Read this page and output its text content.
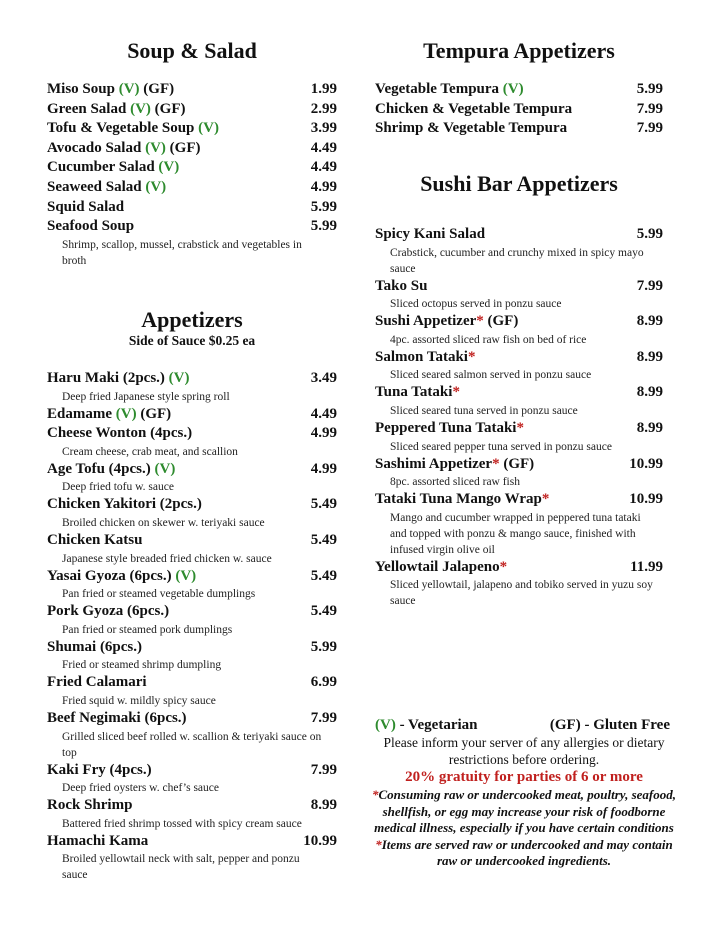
Soup & Salad
Miso Soup (V) (GF)	1.99
Green Salad (V) (GF)	2.99
Tofu & Vegetable Soup (V)	3.99
Avocado Salad (V) (GF)	4.49
Cucumber Salad (V)	4.49
Seaweed Salad (V)	4.99
Squid Salad	5.99
Seafood Soup	5.99
Shrimp, scallop, mussel, crabstick and vegetables in broth
Appetizers
Side of Sauce $0.25 ea
Haru Maki (2pcs.) (V)	3.49
Deep fried Japanese style spring roll
Edamame (V) (GF)	4.49
Cheese Wonton (4pcs.)	4.99
Cream cheese, crab meat, and scallion
Age Tofu (4pcs.) (V)	4.99
Deep fried tofu w. sauce
Chicken Yakitori (2pcs.)	5.49
Broiled chicken on skewer w. teriyaki sauce
Chicken Katsu	5.49
Japanese style breaded fried chicken w. sauce
Yasai Gyoza (6pcs.) (V)	5.49
Pan fried or steamed vegetable dumplings
Pork Gyoza (6pcs.)	5.49
Pan fried or steamed pork dumplings
Shumai (6pcs.)	5.99
Fried or steamed shrimp dumpling
Fried Calamari	6.99
Fried squid w. mildly spicy sauce
Beef Negimaki (6pcs.)	7.99
Grilled sliced beef rolled w. scallion & teriyaki sauce on top
Kaki Fry (4pcs.)	7.99
Deep fried oysters w. chef’s sauce
Rock Shrimp	8.99
Battered fried shrimp tossed with spicy cream sauce
Hamachi Kama	10.99
Broiled yellowtail neck with salt, pepper and ponzu sauce
Tempura Appetizers
Vegetable Tempura (V)	5.99
Chicken & Vegetable Tempura	7.99
Shrimp & Vegetable Tempura	7.99
Sushi Bar Appetizers
Spicy Kani Salad	5.99
Crabstick, cucumber and crunchy mixed in spicy mayo sauce
Tako Su	7.99
Sliced octopus served in ponzu sauce
Sushi Appetizer* (GF)	8.99
4pc. assorted sliced raw fish on bed of rice
Salmon Tataki*	8.99
Sliced seared salmon served in ponzu sauce
Tuna Tataki*	8.99
Sliced seared tuna served in ponzu sauce
Peppered Tuna Tataki*	8.99
Sliced seared pepper tuna served in ponzu sauce
Sashimi Appetizer* (GF)	10.99
8pc. assorted sliced raw fish
Tataki Tuna Mango Wrap*	10.99
Mango and cucumber wrapped in peppered tuna tataki and topped with ponzu & mango sauce, finished with infused virgin olive oil
Yellowtail Jalapeno*	11.99
Sliced yellowtail, jalapeno and tobiko served in yuzu soy sauce
(V) - Vegetarian	(GF) - Gluten Free
Please inform your server of any allergies or dietary restrictions before ordering.
20% gratuity for parties of 6 or more
*Consuming raw or undercooked meat, poultry, seafood, shellfish, or egg may increase your risk of foodborne medical illness, especially if you have certain conditions
*Items are served raw or undercooked and may contain raw or undercooked ingredients.
